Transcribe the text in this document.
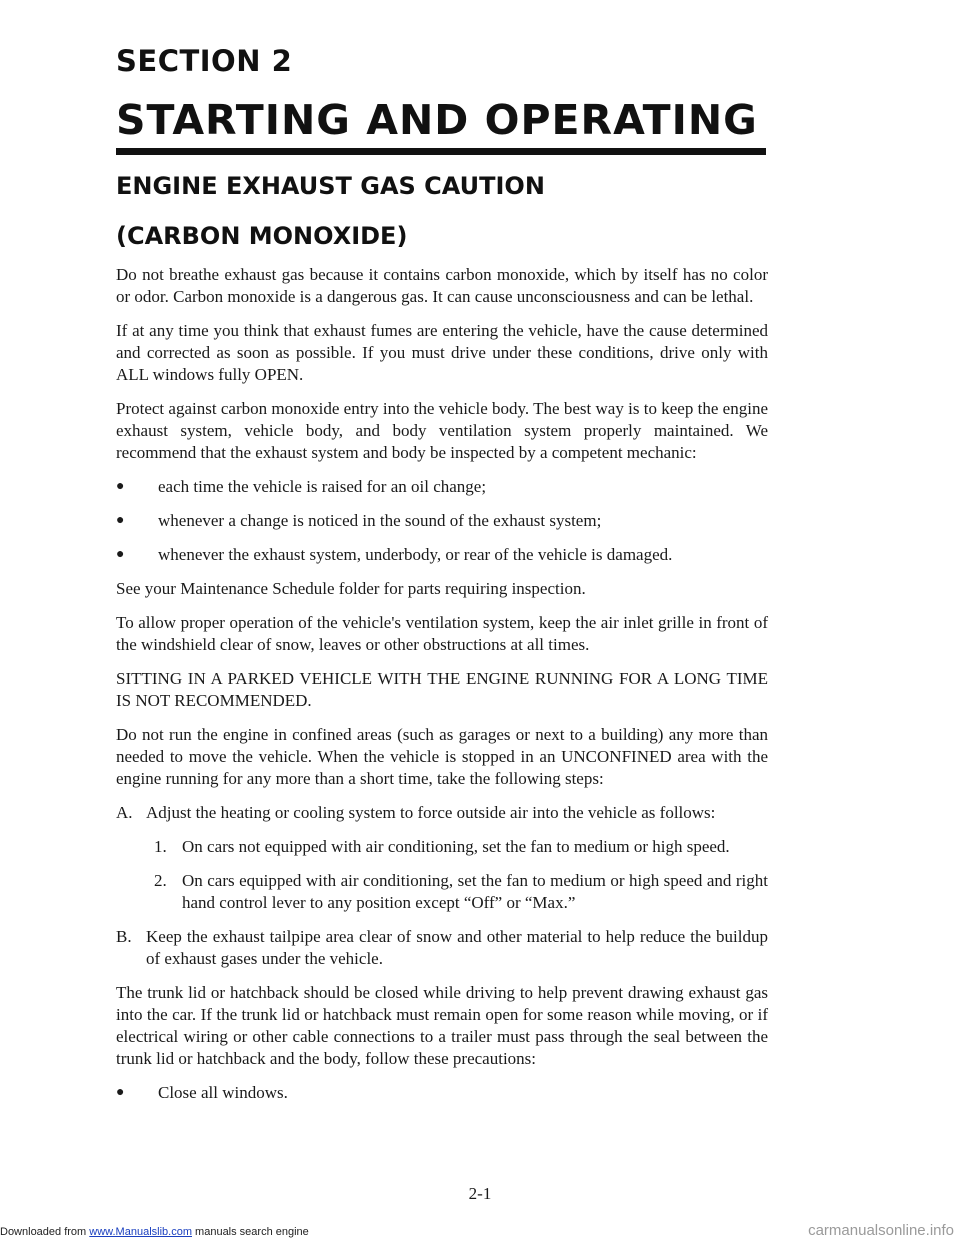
SECTION 2
STARTING AND OPERATING
ENGINE EXHAUST GAS CAUTION
(CARBON MONOXIDE)

Do not breathe exhaust gas because it contains carbon monoxide, which by itself has no color or odor. Carbon monoxide is a dangerous gas. It can cause unconsciousness and can be lethal.

If at any time you think that exhaust fumes are entering the vehicle, have the cause determined and corrected as soon as possible. If you must drive under these conditions, drive only with ALL windows fully OPEN.

Protect against carbon monoxide entry into the vehicle body. The best way is to keep the engine exhaust system, vehicle body, and body ventilation system properly maintained. We recommend that the exhaust system and body be inspected by a competent mechanic:

●	each time the vehicle is raised for an oil change;
●	whenever a change is noticed in the sound of the exhaust system;
●	whenever the exhaust system, underbody, or rear of the vehicle is damaged.

See your Maintenance Schedule folder for parts requiring inspection.

To allow proper operation of the vehicle's ventilation system, keep the air inlet grille in front of the windshield clear of snow, leaves or other obstructions at all times.

SITTING IN A PARKED VEHICLE WITH THE ENGINE RUNNING FOR A LONG TIME IS NOT RECOMMENDED.

Do not run the engine in confined areas (such as garages or next to a building) any more than needed to move the vehicle. When the vehicle is stopped in an UNCONFINED area with the engine running for any more than a short time, take the following steps:

A. Adjust the heating or cooling system to force outside air into the vehicle as follows:
1. On cars not equipped with air conditioning, set the fan to medium or high speed.
2. On cars equipped with air conditioning, set the fan to medium or high speed and right hand control lever to any position except “Off” or “Max.”
B. Keep the exhaust tailpipe area clear of snow and other material to help reduce the buildup of exhaust gases under the vehicle.

The trunk lid or hatchback should be closed while driving to help prevent drawing exhaust gas into the car. If the trunk lid or hatchback must remain open for some reason while moving, or if electrical wiring or other cable connections to a trailer must pass through the seal between the trunk lid or hatchback and the body, follow these precautions:

●	Close all windows.
2-1
Downloaded from www.Manualslib.com manuals search engine	carmanualsonline.info
